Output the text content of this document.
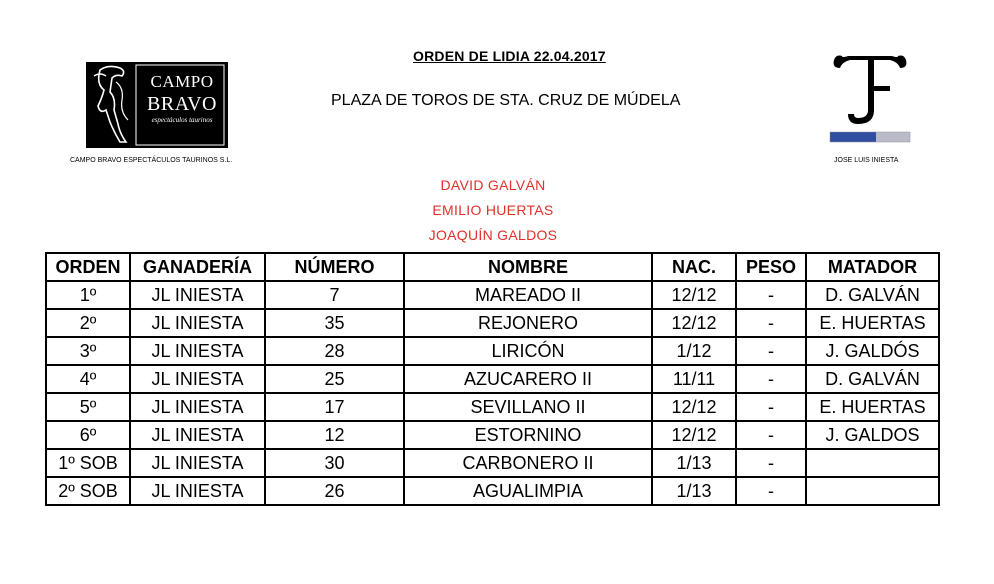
ORDEN DE LIDIA 22.04.2017
PLAZA DE TOROS DE STA. CRUZ DE MÚDELA
CAMPO
BRAVO
espectáculos taurinos
CAMPO BRAVO ESPECTÁCULOS TAURINOS S.L.	JOSE LUIS INIESTA
DAVID GALVÁN
EMILIO HUERTAS
JOAQUÍN GALDOS
ORDEN	GANADERÍA	NÚMERO	NOMBRE	NAC.	PESO	MATADOR
1º	JL INIESTA	7	MAREADO II	12/12	-	D. GALVÁN
2º	JL INIESTA	35	REJONERO	12/12	-	E. HUERTAS
3º	JL INIESTA	28	LIRICÓN	1/12	-	J. GALDÓS
4º	JL INIESTA	25	AZUCARERO II	11/11	-	D. GALVÁN
5º	JL INIESTA	17	SEVILLANO II	12/12	-	E. HUERTAS
6º	JL INIESTA	12	ESTORNINO	12/12	-	J. GALDOS
1º SOB	JL INIESTA	30	CARBONERO II	1/13	-	
2º SOB	JL INIESTA	26	AGUALIMPIA	1/13	-	
